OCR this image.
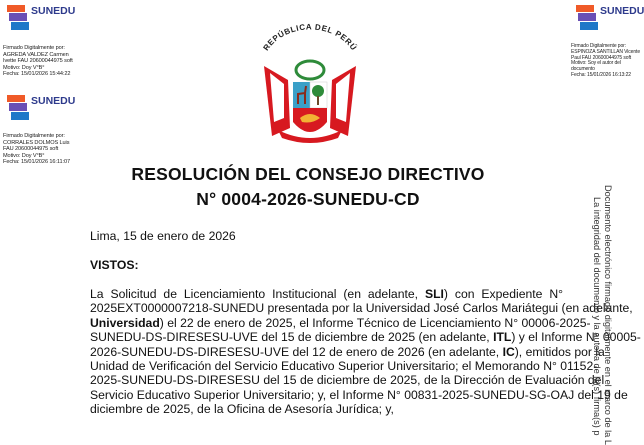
SUNEDU
Firmado Digitalmente por:
AGREDA VALDEZ Carmen
Ivette FAU 20600044975 soft
Motivo: Doy V°B°
Fecha: 15/01/2026 15:44:22
SUNEDU
Firmado Digitalmente por:
CORRALES DOLMOS Luis
FAU 20600044975 soft
Motivo: Doy V°B°
Fecha: 15/01/2026 16:11:07
SUNEDU
Firmado Digitalmente por:
ESPINOZA SANTILLAN Vicente
Paul FAU 20600044975 soft
Motivo: Soy el autor del
documento
Fecha: 15/01/2026 16:13:22
REPÚBLICA DEL PERÚ
RESOLUCIÓN DEL CONSEJO DIRECTIVO
N° 0004-2026-SUNEDU-CD
Lima, 15 de enero de 2026
VISTOS:
La Solicitud de Licenciamiento Institucional (en adelante, SLI) con Expediente N°
2025EXT0000007218-SUNEDU presentada por la Universidad José Carlos Mariátegui (en adelante,
Universidad) el 22 de enero de 2025, el Informe Técnico de Licenciamiento N° 00006-2025-
SUNEDU-DS-DIRESESU-UVE del 15 de diciembre de 2025 (en adelante, ITL) y el Informe N° 00005-
2026-SUNEDU-DS-DIRESESU-UVE del 12 de enero de 2026 (en adelante, IC), emitidos por la
Unidad de Verificación del Servicio Educativo Superior Universitario; el Memorando N° 01152-
2025-SUNEDU-DS-DIRESESU del 15 de diciembre de 2025, de la Dirección de Evaluación del
Servicio Educativo Superior Universitario; y, el Informe N° 00831-2025-SUNEDU-SG-OAJ del 19 de
diciembre de 2025, de la Oficina de Asesoría Jurídica; y,	Documento electrónico firmado digitalmente en el marco de la L
La integridad del documento y la autoría de la(s) firma(s) p
